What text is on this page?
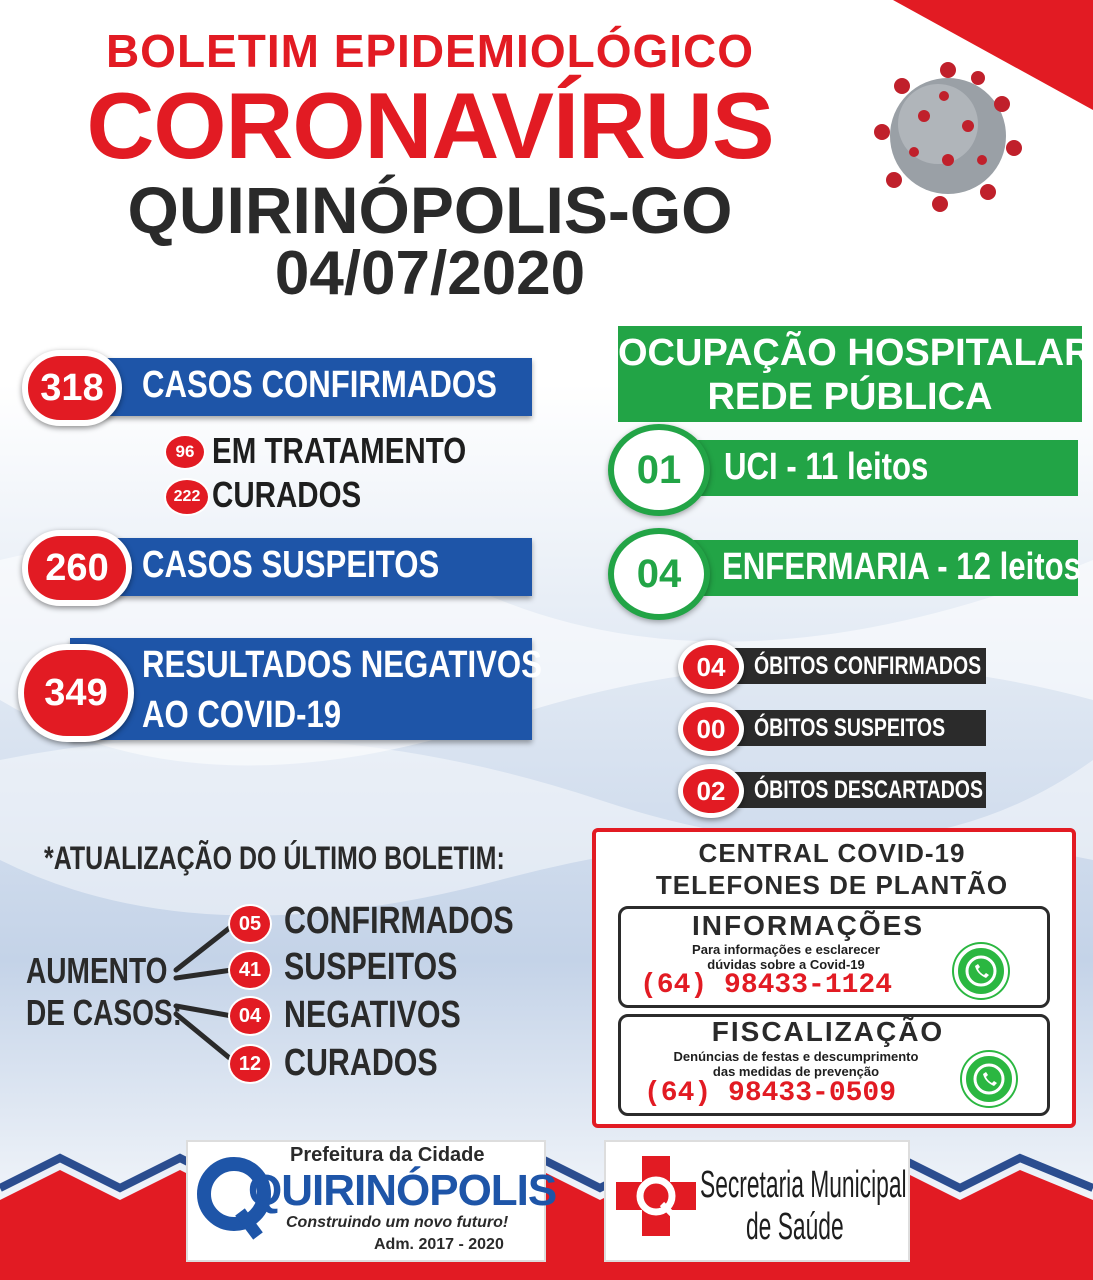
BOLETIM EPIDEMIOLÓGICO
CORONAVÍRUS
QUIRINÓPOLIS-GO
04/07/2020
CASOS CONFIRMADOS
318
96 EM TRATAMENTO
222 CURADOS
CASOS SUSPEITOS
260
RESULTADOS NEGATIVOS
AO COVID-19
349
OCUPAÇÃO HOSPITALAR
REDE PÚBLICA
UCI - 11 leitos
01
ENFERMARIA - 12 leitos
04
ÓBITOS CONFIRMADOS
04
ÓBITOS SUSPEITOS
00
ÓBITOS DESCARTADOS
02
*ATUALIZAÇÃO DO ÚLTIMO BOLETIM:
AUMENTO
DE CASOS:
05 CONFIRMADOS
41 SUSPEITOS
04 NEGATIVOS
12 CURADOS
CENTRAL COVID-19
TELEFONES DE PLANTÃO
INFORMAÇÕES
Para informações e esclarecer
dúvidas sobre a Covid-19
(64) 98433-1124
FISCALIZAÇÃO
Denúncias de festas e descumprimento
das medidas de prevenção
(64) 98433-0509
Prefeitura da Cidade
QUIRINÓPOLIS
Construindo um novo futuro!
Adm. 2017 - 2020
Secretaria Municipal
de Saúde
